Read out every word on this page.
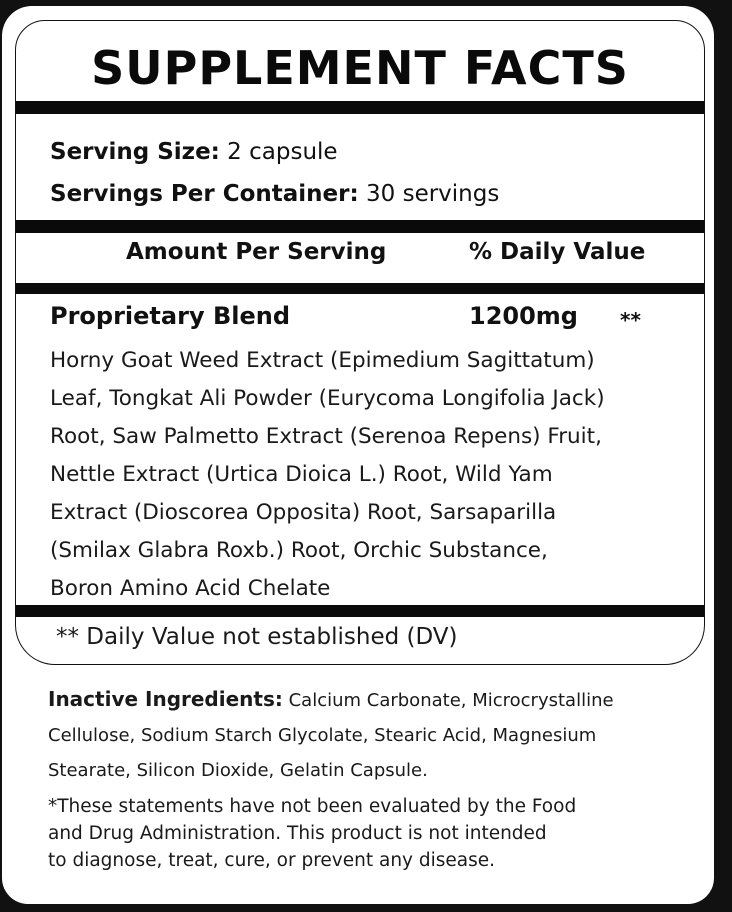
SUPPLEMENT FACTS
Serving Size: 2 capsule
Servings Per Container: 30 servings
Amount Per Serving	% Daily Value
Proprietary Blend	1200mg **
Horny Goat Weed Extract (Epimedium Sagittatum)
Leaf, Tongkat Ali Powder (Eurycoma Longifolia Jack)
Root, Saw Palmetto Extract (Serenoa Repens) Fruit,
Nettle Extract (Urtica Dioica L.) Root, Wild Yam
Extract (Dioscorea Opposita) Root, Sarsaparilla
(Smilax Glabra Roxb.) Root, Orchic Substance,
Boron Amino Acid Chelate
** Daily Value not established (DV)
Inactive Ingredients: Calcium Carbonate, Microcrystalline
Cellulose, Sodium Starch Glycolate, Stearic Acid, Magnesium
Stearate, Silicon Dioxide, Gelatin Capsule.
*These statements have not been evaluated by the Food
and Drug Administration. This product is not intended
to diagnose, treat, cure, or prevent any disease.
